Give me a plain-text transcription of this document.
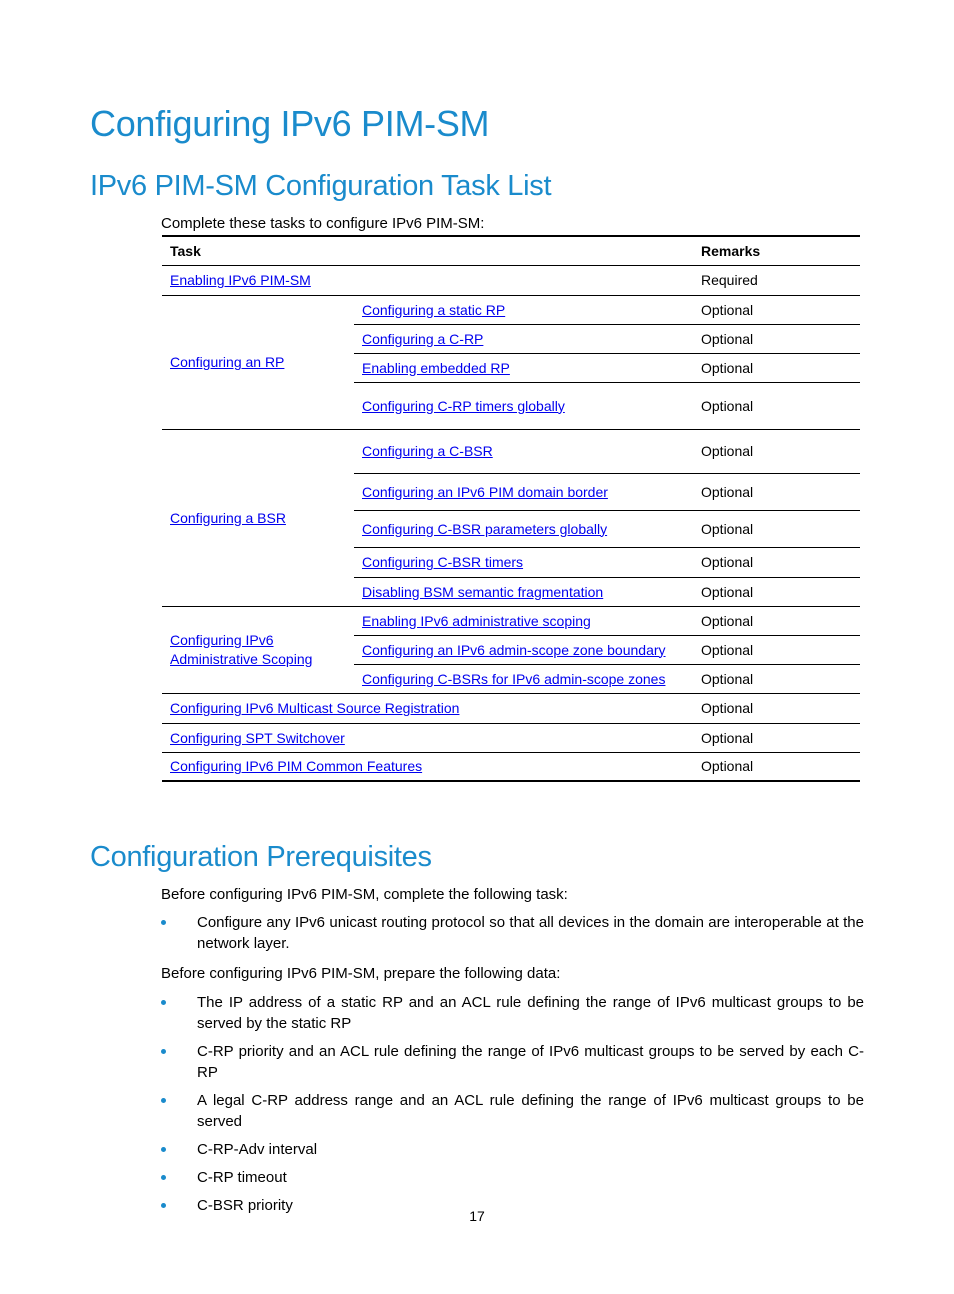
Configuring IPv6 PIM-SM
IPv6 PIM-SM Configuration Task List

Complete these tasks to configure IPv6 PIM-SM:

Task		Remarks
Enabling IPv6 PIM-SM		Required
Configuring an RP	Configuring a static RP	Optional
	Configuring a C-RP	Optional
	Enabling embedded RP	Optional
	Configuring C-RP timers globally	Optional
Configuring a BSR	Configuring a C-BSR	Optional
	Configuring an IPv6 PIM domain border	Optional
	Configuring C-BSR parameters globally	Optional
	Configuring C-BSR timers	Optional
	Disabling BSM semantic fragmentation	Optional
Configuring IPv6
Administrative Scoping	Enabling IPv6 administrative scoping	Optional
	Configuring an IPv6 admin-scope zone boundary	Optional
	Configuring C-BSRs for IPv6 admin-scope zones	Optional
Configuring IPv6 Multicast Source Registration		Optional
Configuring SPT Switchover		Optional
Configuring IPv6 PIM Common Features		Optional
Configuration Prerequisites

Before configuring IPv6 PIM-SM, complete the following task:

Configure any IPv6 unicast routing protocol so that all devices in the domain are interoperable at the network layer.

Before configuring IPv6 PIM-SM, prepare the following data:

The IP address of a static RP and an ACL rule defining the range of IPv6 multicast groups to be served by the static RP
C-RP priority and an ACL rule defining the range of IPv6 multicast groups to be served by each C-RP
A legal C-RP address range and an ACL rule defining the range of IPv6 multicast groups to be served
C-RP-Adv interval
C-RP timeout
C-BSR priority
17
